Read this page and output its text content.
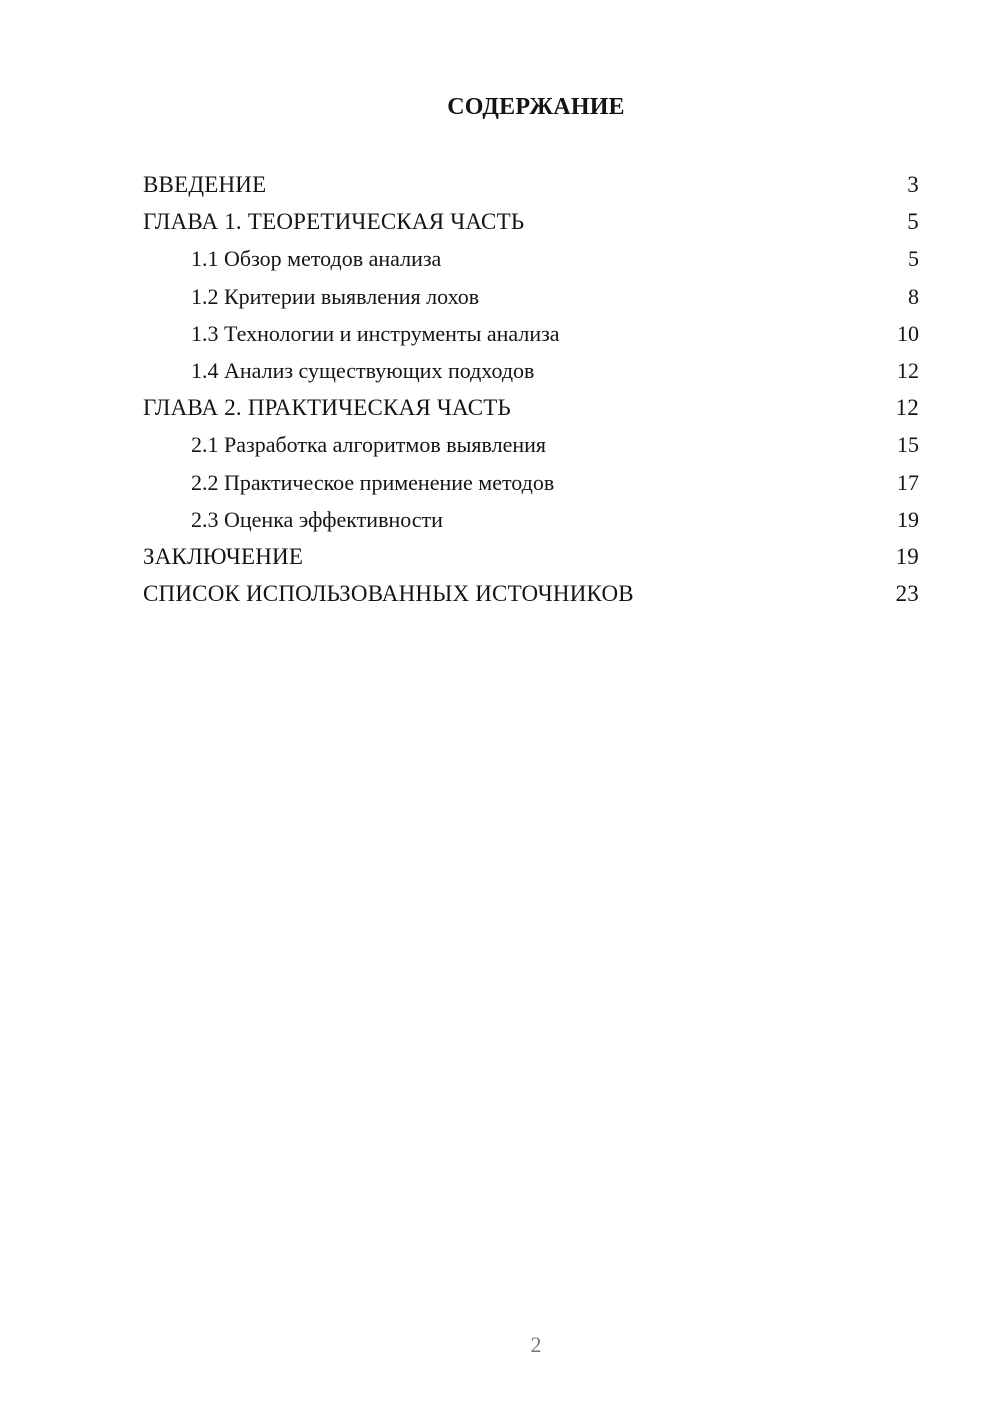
СОДЕРЖАНИЕ
ВВЕДЕНИЕ	3
ГЛАВА 1. ТЕОРЕТИЧЕСКАЯ ЧАСТЬ	5
1.1 Обзор методов анализа	5
1.2 Критерии выявления лохов	8
1.3 Технологии и инструменты анализа	10
1.4 Анализ существующих подходов	12
ГЛАВА 2. ПРАКТИЧЕСКАЯ ЧАСТЬ	12
2.1 Разработка алгоритмов выявления	15
2.2 Практическое применение методов	17
2.3 Оценка эффективности	19
ЗАКЛЮЧЕНИЕ	19
СПИСОК ИСПОЛЬЗОВАННЫХ ИСТОЧНИКОВ	23
2
